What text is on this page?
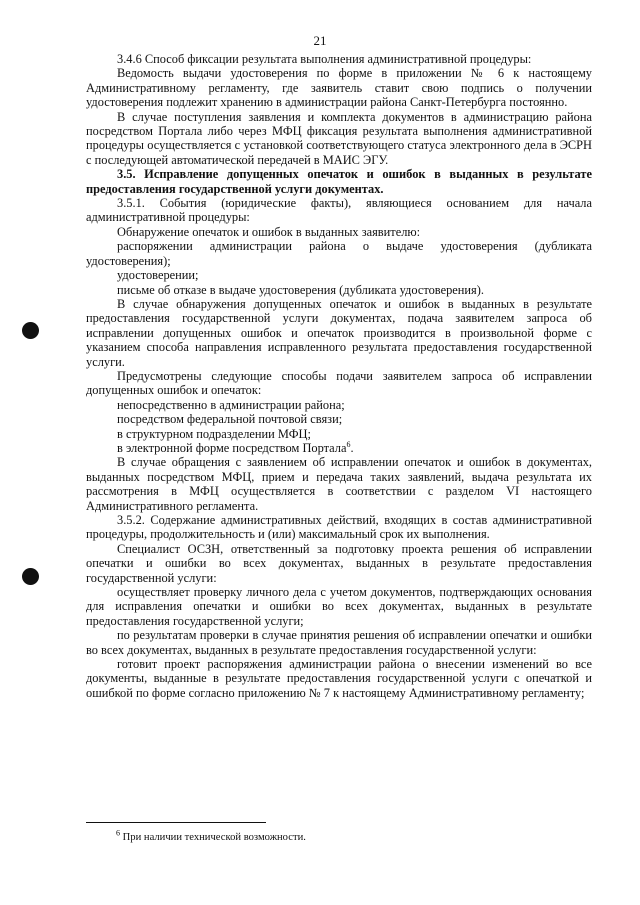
21

3.4.6 Способ фиксации результата выполнения административной процедуры:

Ведомость выдачи удостоверения по форме в приложении № 6 к настоящему Административному регламенту, где заявитель ставит свою подпись о получении удостоверения подлежит хранению в администрации района Санкт-Петербурга постоянно.

В случае поступления заявления и комплекта документов в администрацию района посредством Портала либо через МФЦ фиксация результата выполнения административной процедуры осуществляется с установкой соответствующего статуса электронного дела в ЭСРН с последующей автоматической передачей в МАИС ЭГУ.

3.5. Исправление допущенных опечаток и ошибок в выданных в результате предоставления государственной услуги документах.

3.5.1. События (юридические факты), являющиеся основанием для начала административной процедуры:

Обнаружение опечаток и ошибок в выданных заявителю:

распоряжении администрации района о выдаче удостоверения (дубликата удостоверения);

удостоверении;

письме об отказе в выдаче удостоверения (дубликата удостоверения).

В случае обнаружения допущенных опечаток и ошибок в выданных в результате предоставления государственной услуги документах, подача заявителем запроса об исправлении допущенных ошибок и опечаток производится в произвольной форме с указанием способа направления исправленного результата предоставления государственной услуги.

Предусмотрены следующие способы подачи заявителем запроса об исправлении допущенных ошибок и опечаток:

непосредственно в администрации района;

посредством федеральной почтовой связи;

в структурном подразделении МФЦ;

в электронной форме посредством Портала$^6$.

В случае обращения с заявлением об исправлении опечаток и ошибок в документах, выданных посредством МФЦ, прием и передача таких заявлений, выдача результата их рассмотрения в МФЦ осуществляется в соответствии с разделом VI настоящего Административного регламента.

3.5.2. Содержание административных действий, входящих в состав административной процедуры, продолжительность и (или) максимальный срок их выполнения.

Специалист ОСЗН, ответственный за подготовку проекта решения об исправлении опечатки и ошибки во всех документах, выданных в результате предоставления государственной услуги:

осуществляет проверку личного дела с учетом документов, подтверждающих основания для исправления опечатки и ошибки во всех документах, выданных в результате предоставления государственной услуги;

по результатам проверки в случае принятия решения об исправлении опечатки и ошибки во всех документах, выданных в результате предоставления государственной услуги:

готовит проект распоряжения администрации района о внесении изменений во все документы, выданные в результате предоставления государственной услуги с опечаткой и ошибкой по форме согласно приложению № 7 к настоящему Административному регламенту;

$^6$ При наличии технической возможности.
